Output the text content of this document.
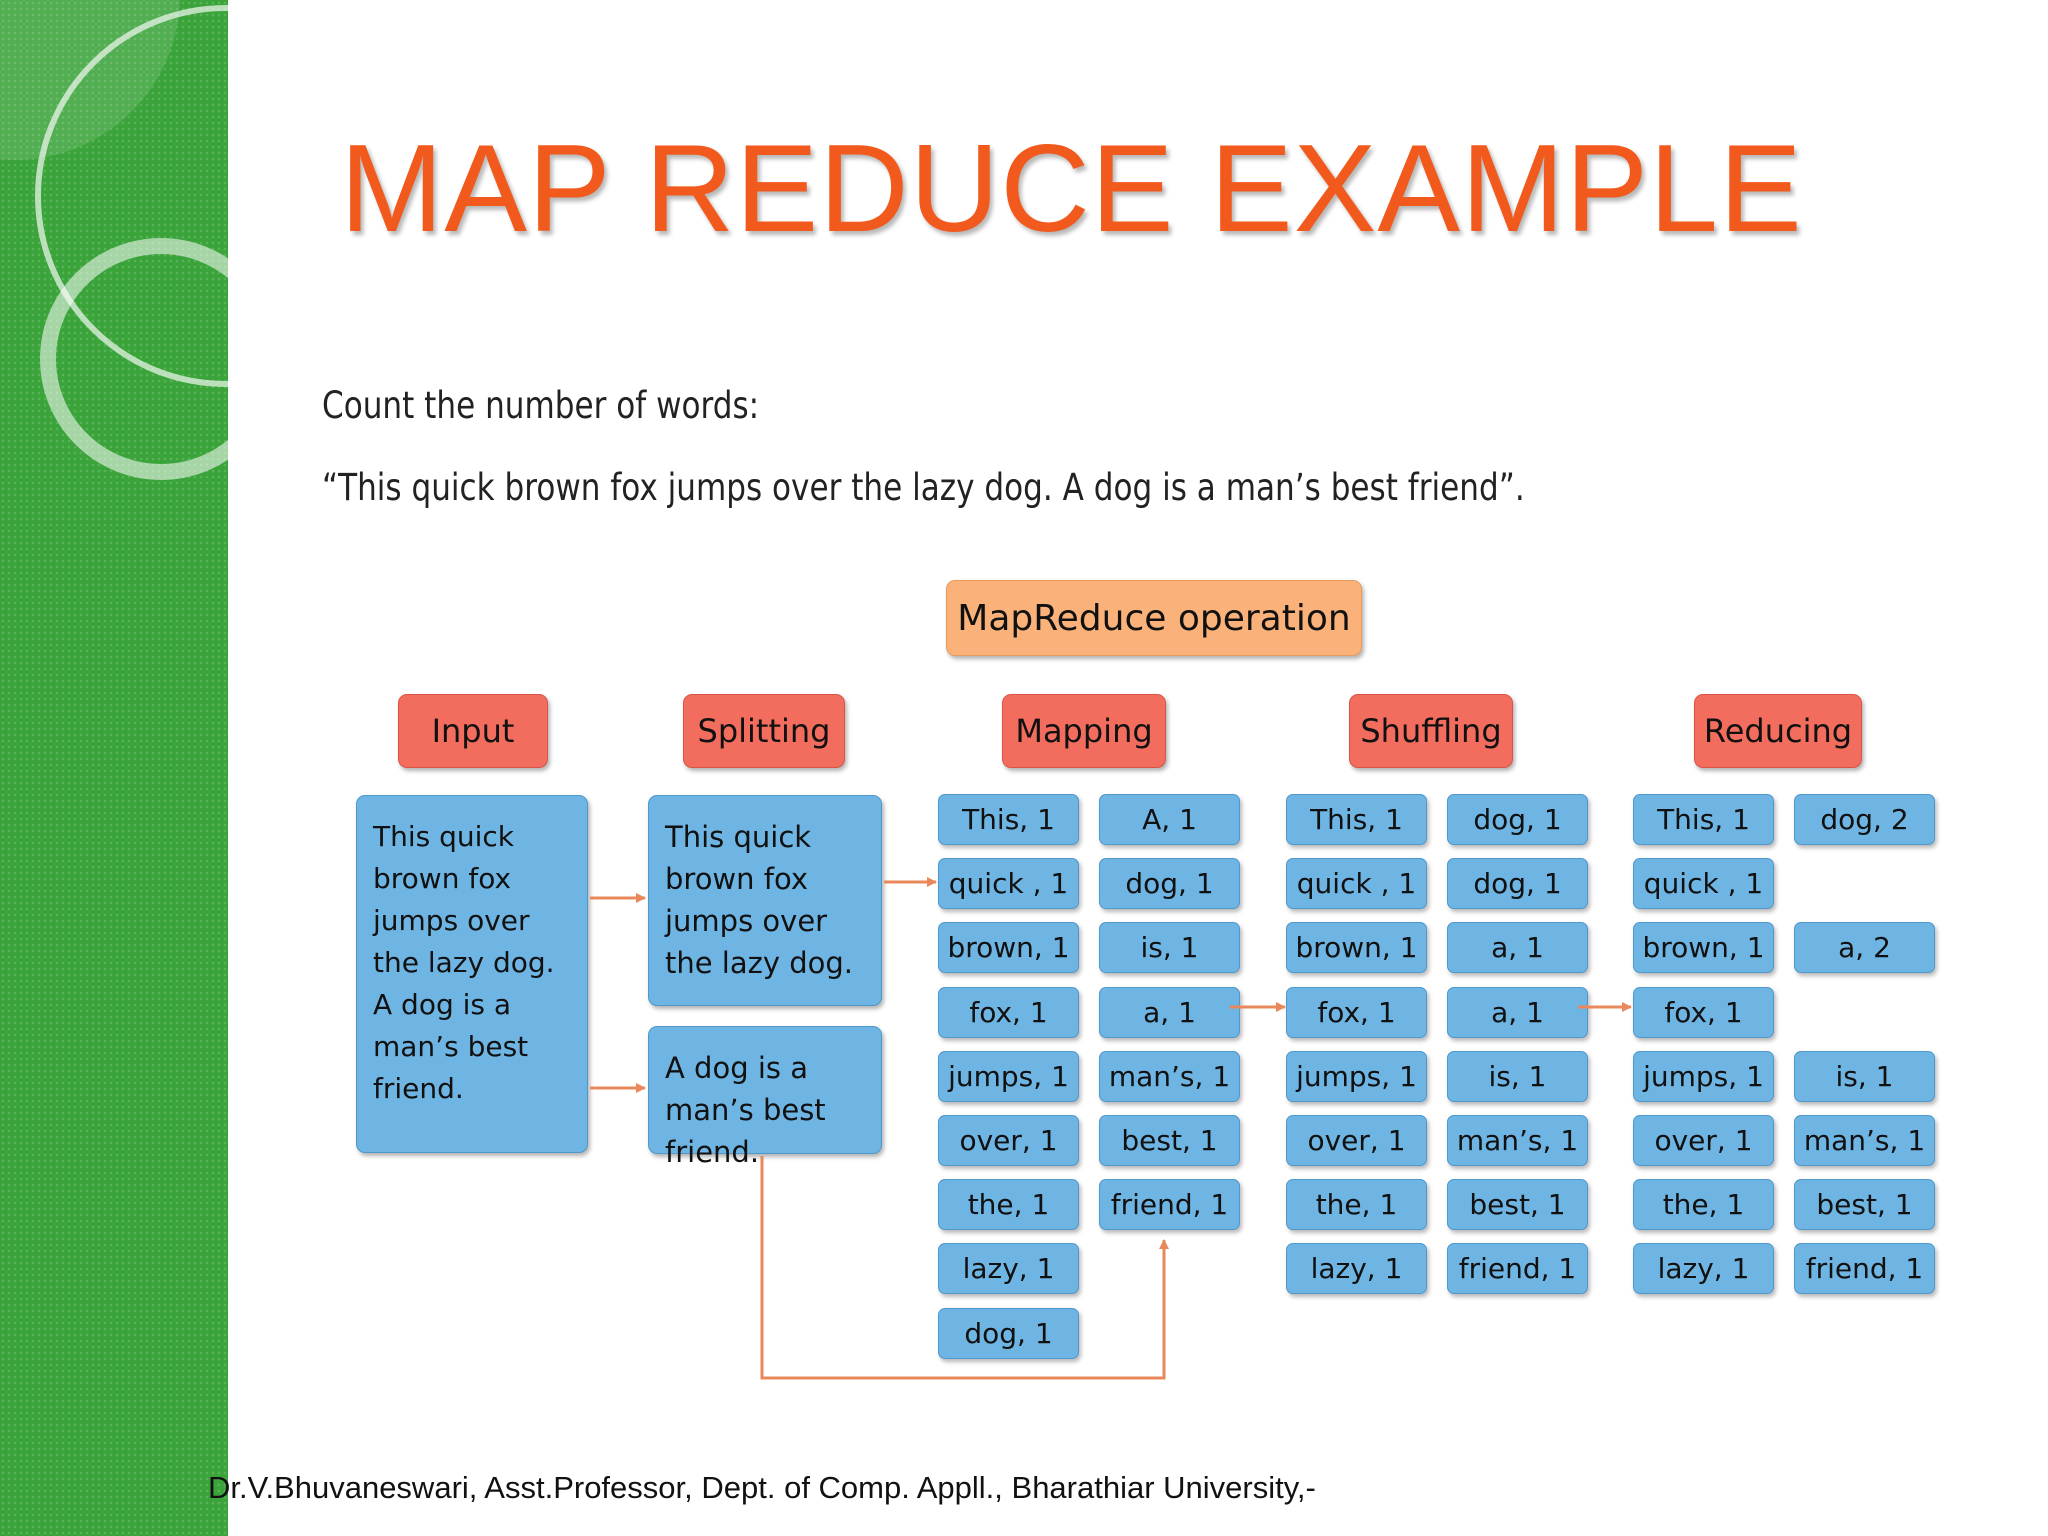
MAP REDUCE EXAMPLE
Count the number of words:
“This quick brown fox jumps over the lazy dog. A dog is a man’s best friend”.
MapReduce operation
Input	Splitting	Mapping	Shuffling	Reducing
This quick brown fox jumps over the lazy dog. A dog is a man’s best friend.
This quick brown fox jumps over the lazy dog.
A dog is a man’s best friend.
This, 1
quick , 1
brown, 1
fox, 1
jumps, 1
over, 1
the, 1
lazy, 1
dog, 1
A, 1
dog, 1
is, 1
a, 1
man’s, 1
best, 1
friend, 1
This, 1
quick , 1
brown, 1
fox, 1
jumps, 1
over, 1
the, 1
lazy, 1
dog, 1
dog, 1
a, 1
a, 1
is, 1
man’s, 1
best, 1
friend, 1
This, 1
quick , 1
brown, 1
fox, 1
jumps, 1
over, 1
the, 1
lazy, 1
dog, 2
a, 2
is, 1
man’s, 1
best, 1
friend, 1
Dr.V.Bhuvaneswari, Asst.Professor, Dept. of Comp. Appll., Bharathiar University,-
